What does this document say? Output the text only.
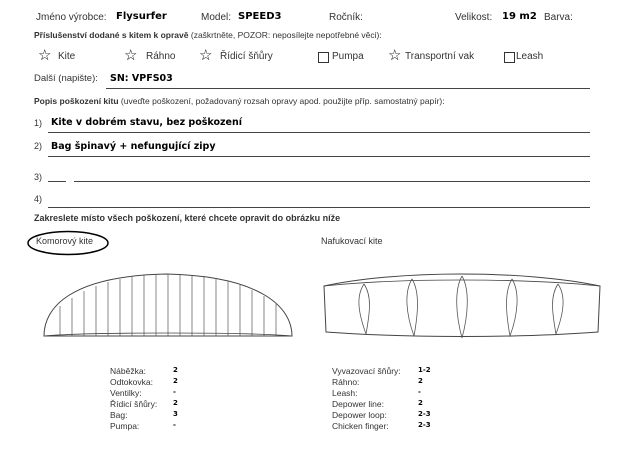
Jméno výrobce: Flysurfer	Model: SPEED3	Ročník:	Velikost: 19 m2 Barva:
Příslušenství dodané s kitem k opravě (zaškrtněte, POZOR: neposílejte nepotřebné věci):
☆ Kite	☆ Ráhno ☆ Řídicí šňůry	Pumpa ☆ Transportní vak	Leash
Další (napište): SN: VPFS03
Popis poškození kitu (uveďte poškození, požadovaný rozsah opravy apod. použijte příp. samostatný papír):
1) Kite v dobrém stavu, bez poškození
2) Bag špinavý + nefungující zipy
3)
4)
Zakreslete místo všech poškození, které chcete opravit do obrázku níže
Komorový kite	Nafukovací kite
Náběžka:	2
Odtokovka:	2
Ventilky:	-
Řídicí šňůry: 2
Bag:	3
Pumpa:	-
Vyvazovací šňůry: 1-2
Ráhno:	2
Leash:	-
Depower line:	2
Depower loop:	2-3
Chicken finger:	2-3
